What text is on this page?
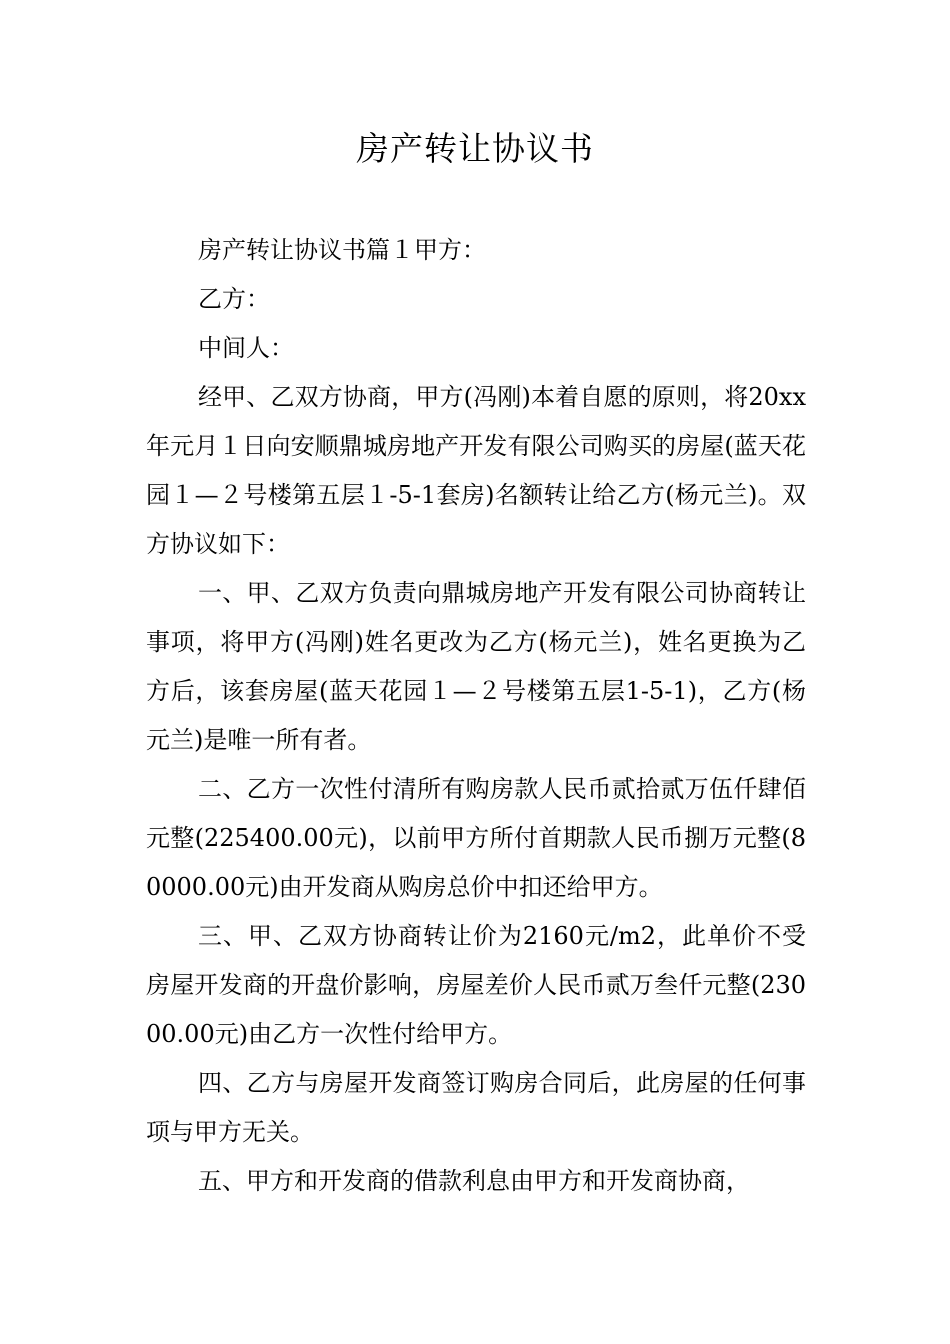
房产转让协议书

房产转让协议书篇１甲方：

乙方：

中间人：

经甲、乙双方协商，甲方(冯刚)本着自愿的原则，将20xx年元月１日向安顺鼎城房地产开发有限公司购买的房屋(蓝天花园１—２号楼第五层１-5-1套房)名额转让给乙方(杨元兰)。双方协议如下：

一、甲、乙双方负责向鼎城房地产开发有限公司协商转让事项，将甲方(冯刚)姓名更改为乙方(杨元兰)，姓名更换为乙方后，该套房屋(蓝天花园１—２号楼第五层1-5-1)，乙方(杨元兰)是唯一所有者。

二、乙方一次性付清所有购房款人民币贰拾贰万伍仟肆佰元整(225400.00元)，以前甲方所付首期款人民币捌万元整(80000.00元)由开发商从购房总价中扣还给甲方。

三、甲、乙双方协商转让价为2160元/m2，此单价不受房屋开发商的开盘价影响，房屋差价人民币贰万叁仟元整(23000.00元)由乙方一次性付给甲方。

四、乙方与房屋开发商签订购房合同后，此房屋的任何事项与甲方无关。

五、甲方和开发商的借款利息由甲方和开发商协商，
